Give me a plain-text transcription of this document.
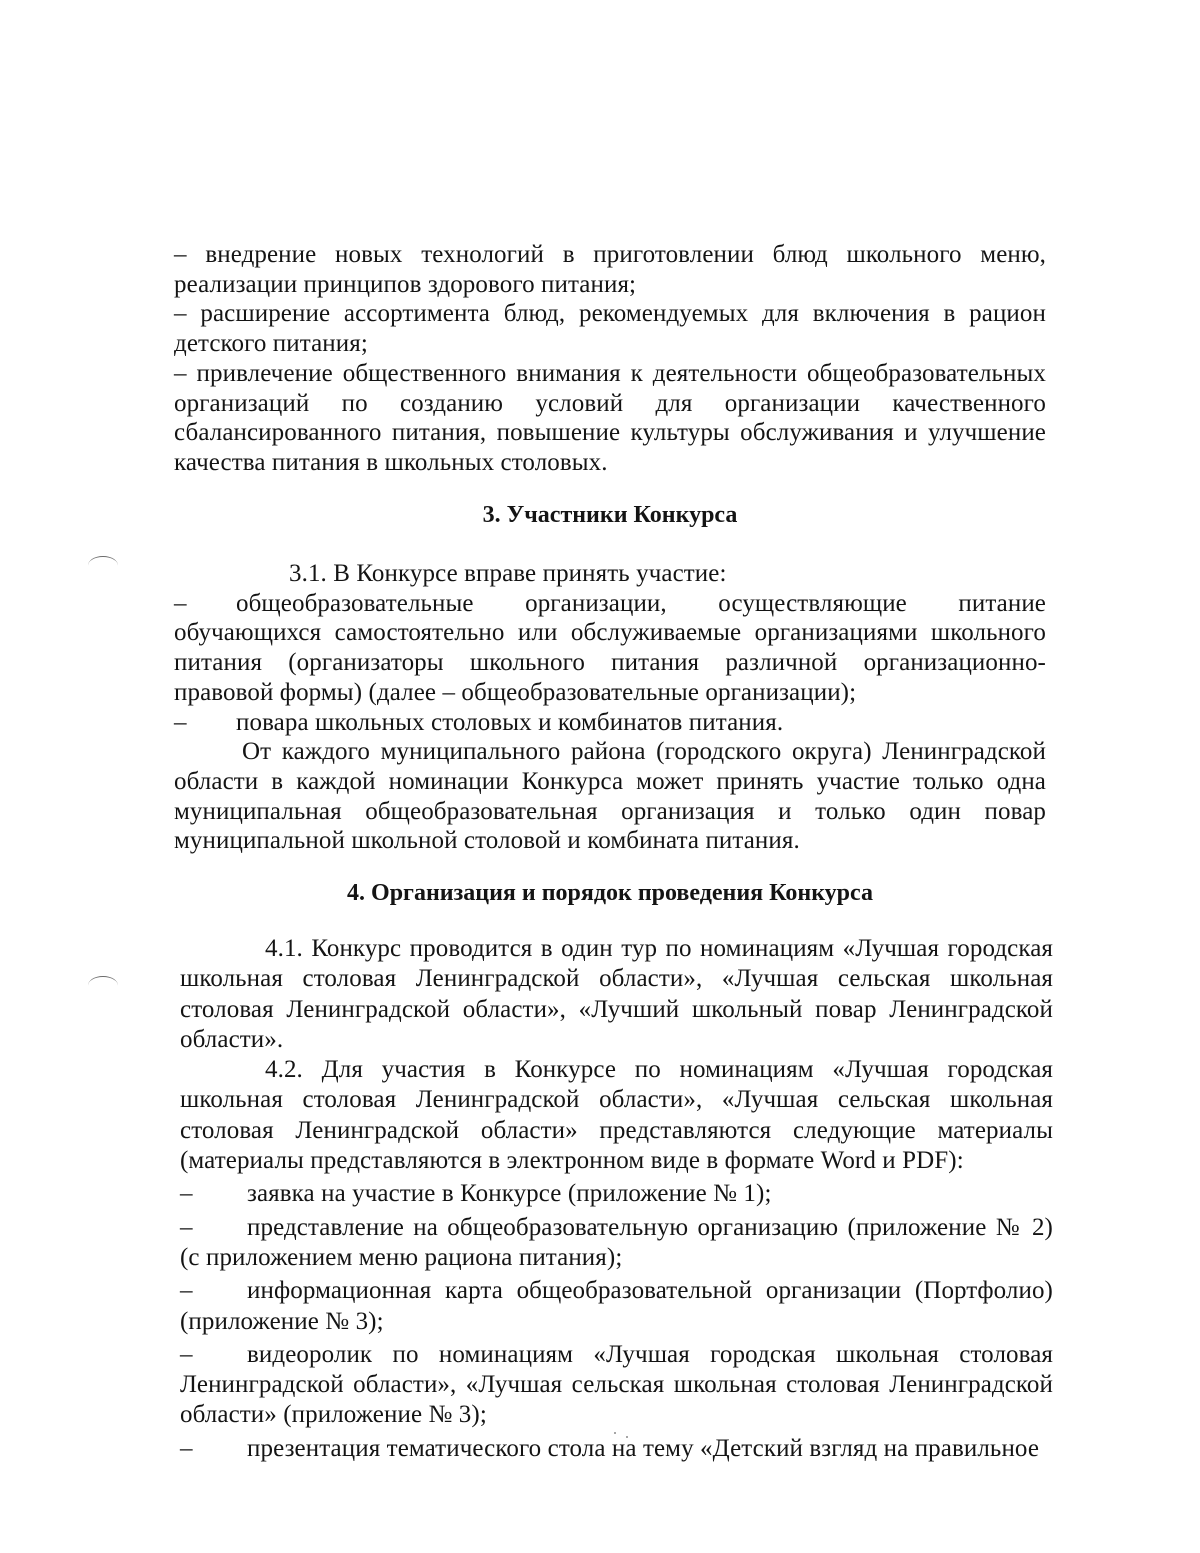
– внедрение новых технологий в приготовлении блюд школьного меню, реализации принципов здорового питания;

– расширение ассортимента блюд, рекомендуемых для включения в рацион детского питания;

– привлечение общественного внимания к деятельности общеобразовательных организаций по созданию условий для организации качественного сбалансированного питания, повышение культуры обслуживания и улучшение качества питания в школьных столовых.

3. Участники Конкурса

3.1. В Конкурсе вправе принять участие:

– общеобразовательные организации, осуществляющие питание обучающихся самостоятельно или обслуживаемые организациями школьного питания (организаторы школьного питания различной организационно-правовой формы) (далее – общеобразовательные организации);

– повара школьных столовых и комбинатов питания.

От каждого муниципального района (городского округа) Ленинградской области в каждой номинации Конкурса может принять участие только одна муниципальная общеобразовательная организация и только один повар муниципальной школьной столовой и комбината питания.

4. Организация и порядок проведения Конкурса

4.1. Конкурс проводится в один тур по номинациям «Лучшая городская школьная столовая Ленинградской области», «Лучшая сельская школьная столовая Ленинградской области», «Лучший школьный повар Ленинградской области».

4.2. Для участия в Конкурсе по номинациям «Лучшая городская школьная столовая Ленинградской области», «Лучшая сельская школьная столовая Ленинградской области» представляются следующие материалы (материалы представляются в электронном виде в формате Word и PDF):

– заявка на участие в Конкурсе (приложение № 1);

– представление на общеобразовательную организацию (приложение № 2) (с приложением меню рациона питания);

– информационная карта общеобразовательной организации (Портфолио) (приложение № 3);

– видеоролик по номинациям «Лучшая городская школьная столовая Ленинградской области», «Лучшая сельская школьная столовая Ленинградской области» (приложение № 3);

– презентация тематического стола на тему «Детский взгляд на правильное
